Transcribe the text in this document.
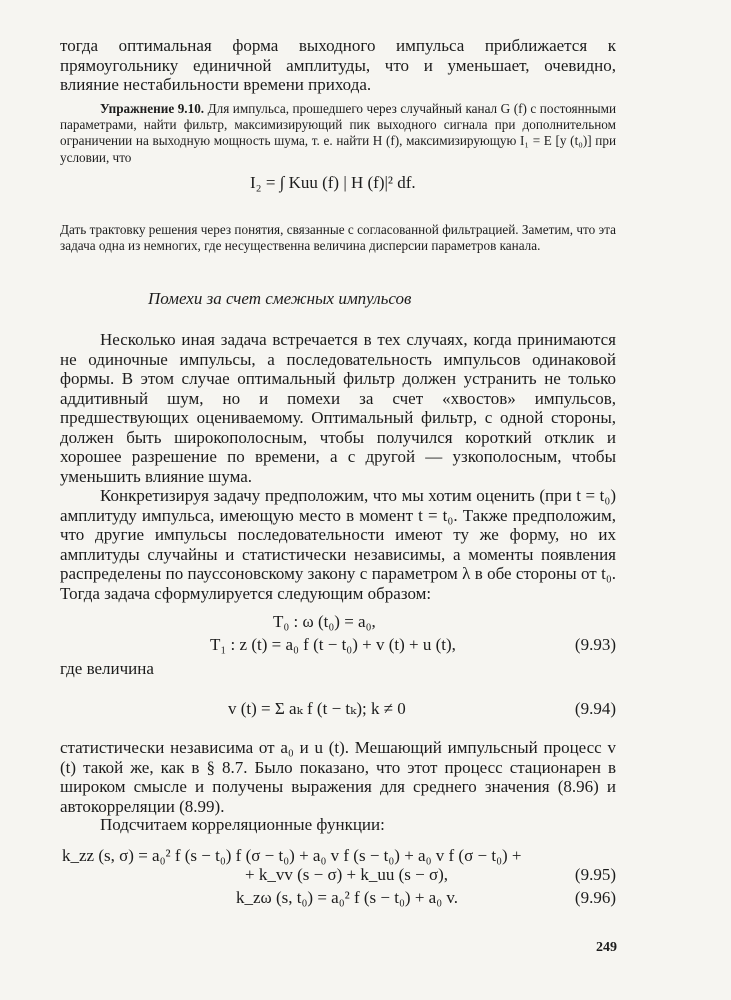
тогда оптимальная форма выходного импульса приближается к прямоугольнику единичной амплитуды, что и уменьшает, очевидно, влияние нестабильности времени прихода.

Упражнение 9.10. Для импульса, прошедшего через случайный канал G (f) с постоянными параметрами, найти фильтр, максимизирующий пик выходного сигнала при дополнительном ограничении на выходную мощность шума, т. е. найти H (f), максимизирующую I₁ = E [y (t₀)] при условии, что

I₂ = ∫ Kuu (f) | H (f)|² df.

Дать трактовку решения через понятия, связанные с согласованной фильтрацией. Заметим, что эта задача одна из немногих, где несущественна величина дисперсии параметров канала.

Помехи за счет смежных импульсов

Несколько иная задача встречается в тех случаях, когда принимаются не одиночные импульсы, а последовательность импульсов одинаковой формы. В этом случае оптимальный фильтр должен устранить не только аддитивный шум, но и помехи за счет «хвостов» импульсов, предшествующих оцениваемому. Оптимальный фильтр, с одной стороны, должен быть широкополосным, чтобы получился короткий отклик и хорошее разрешение по времени, а с другой — узкополосным, чтобы уменьшить влияние шума.

Конкретизируя задачу предположим, что мы хотим оценить (при t = t₀) амплитуду импульса, имеющую место в момент t = t₀. Также предположим, что другие импульсы последовательности имеют ту же форму, но их амплитуды случайны и статистически независимы, а моменты появления распределены по пауссоновскому закону с параметром λ в обе стороны от t₀. Тогда задача сформулируется следующим образом:

T₀ : ω (t₀) = a₀,
T₁ : z (t) = a₀ f (t − t₀) + v (t) + u (t),	(9.93)

где величина

v (t) = Σ aₖ f (t − tₖ); k ≠ 0	(9.94)

статистически независима от a₀ и u (t). Мешающий импульсный процесс v (t) такой же, как в § 8.7. Было показано, что этот процесс стационарен в широком смысле и получены выражения для среднего значения (8.96) и автокорреляции (8.99).

Подсчитаем корреляционные функции:

k_zz (s, σ) = a₀² f (s − t₀) f (σ − t₀) + a₀ v f (s − t₀) + a₀ v f (σ − t₀) +
+ k_vv (s − σ) + k_uu (s − σ),	(9.95)
k_zω (s, t₀) = a₀² f (s − t₀) + a₀ v.	(9.96)
249
